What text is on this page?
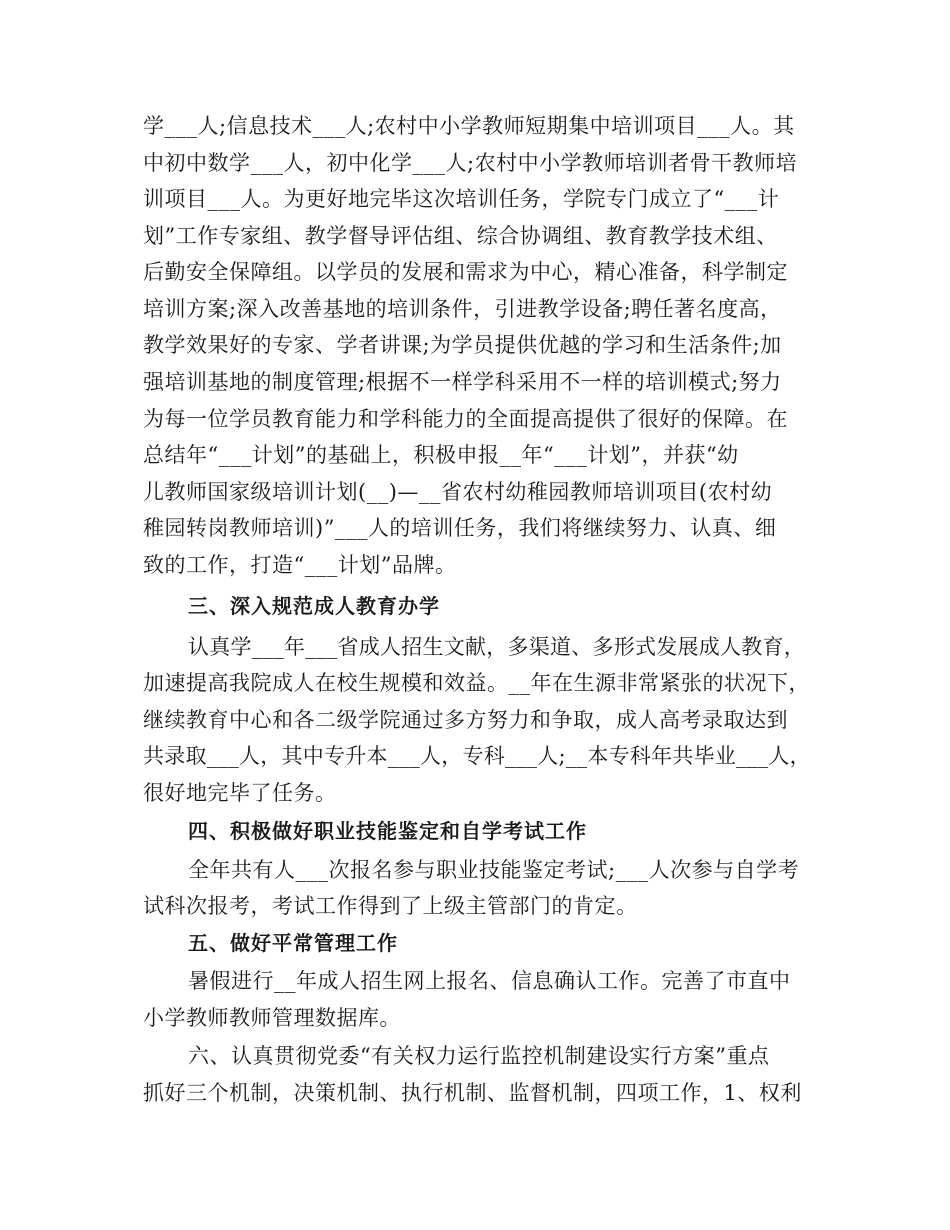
学___人;信息技术___人;农村中小学教师短期集中培训项目___人。其

中初中数学___人，初中化学___人;农村中小学教师培训者骨干教师培

训项目___人。为更好地完毕这次培训任务，学院专门成立了“___计

划”工作专家组、教学督导评估组、综合协调组、教育教学技术组、

后勤安全保障组。以学员的发展和需求为中心，精心准备，科学制定

培训方案;深入改善基地的培训条件，引进教学设备;聘任著名度高，

教学效果好的专家、学者讲课;为学员提供优越的学习和生活条件;加

强培训基地的制度管理;根据不一样学科采用不一样的培训模式;努力

为每一位学员教育能力和学科能力的全面提高提供了很好的保障。在

总结年“___计划”的基础上，积极申报__年“___计划”，并获“幼

儿教师国家级培训计划(__)—__省农村幼稚园教师培训项目(农村幼

稚园转岗教师培训)”___人的培训任务，我们将继续努力、认真、细

致的工作，打造“___计划”品牌。

三、深入规范成人教育办学

认真学___年___省成人招生文献，多渠道、多形式发展成人教育，

加速提高我院成人在校生规模和效益。__年在生源非常紧张的状况下，

继续教育中心和各二级学院通过多方努力和争取，成人高考录取达到

共录取___人，其中专升本___人，专科___人;__本专科年共毕业___人，

很好地完毕了任务。

四、积极做好职业技能鉴定和自学考试工作

全年共有人___次报名参与职业技能鉴定考试;___人次参与自学考

试科次报考，考试工作得到了上级主管部门的肯定。

五、做好平常管理工作

暑假进行__年成人招生网上报名、信息确认工作。完善了市直中

小学教师教师管理数据库。

六、认真贯彻党委“有关权力运行监控机制建设实行方案”重点

抓好三个机制，决策机制、执行机制、监督机制，四项工作，1、权利
